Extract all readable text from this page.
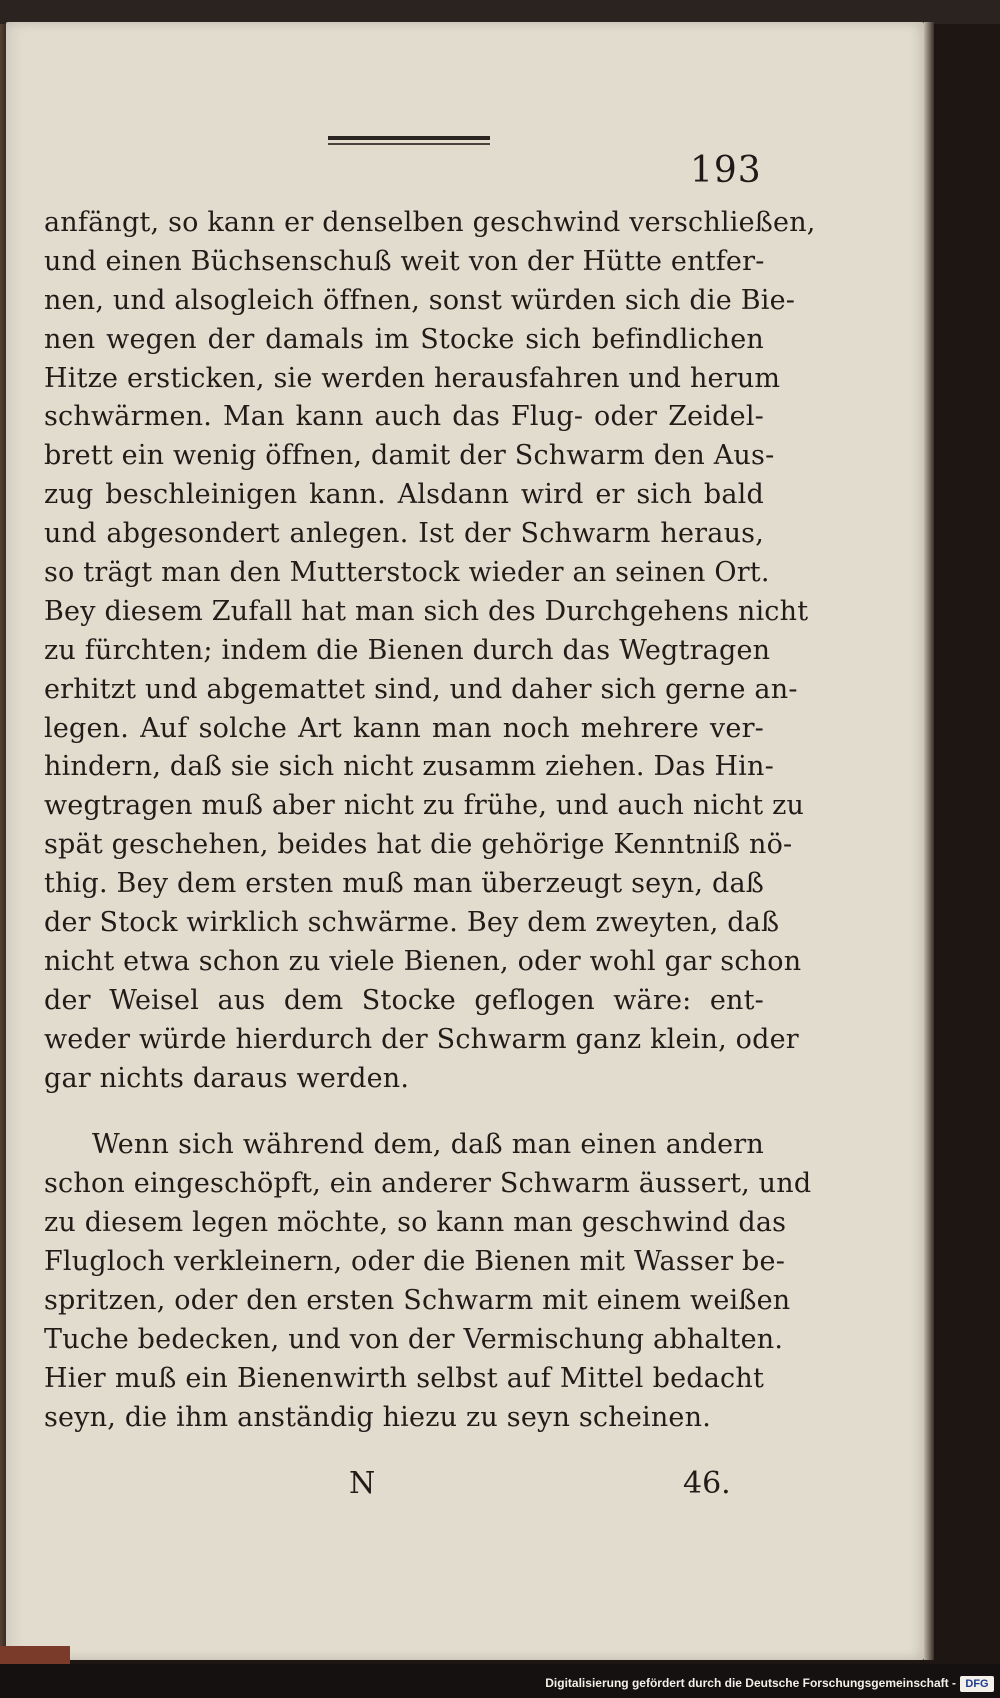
193
anfängt, so kann er denselben geschwind verschließen,
und einen Büchsenschuß weit von der Hütte entfer-
nen, und alsogleich öffnen, sonst würden sich die Bie-
nen wegen der damals im Stocke sich befindlichen
Hitze ersticken, sie werden herausfahren und herum
schwärmen. Man kann auch das Flug- oder Zeidel-
brett ein wenig öffnen, damit der Schwarm den Aus-
zug beschleinigen kann. Alsdann wird er sich bald
und abgesondert anlegen. Ist der Schwarm heraus,
so trägt man den Mutterstock wieder an seinen Ort.
Bey diesem Zufall hat man sich des Durchgehens nicht
zu fürchten; indem die Bienen durch das Wegtragen
erhitzt und abgemattet sind, und daher sich gerne an-
legen. Auf solche Art kann man noch mehrere ver-
hindern, daß sie sich nicht zusamm ziehen. Das Hin-
wegtragen muß aber nicht zu frühe, und auch nicht zu
spät geschehen, beides hat die gehörige Kenntniß nö-
thig. Bey dem ersten muß man überzeugt seyn, daß
der Stock wirklich schwärme. Bey dem zweyten, daß
nicht etwa schon zu viele Bienen, oder wohl gar schon
der Weisel aus dem Stocke geflogen wäre: ent-
weder würde hierdurch der Schwarm ganz klein, oder
gar nichts daraus werden.
Wenn sich während dem, daß man einen andern
schon eingeschöpft, ein anderer Schwarm äussert, und
zu diesem legen möchte, so kann man geschwind das
Flugloch verkleinern, oder die Bienen mit Wasser be-
spritzen, oder den ersten Schwarm mit einem weißen
Tuche bedecken, und von der Vermischung abhalten.
Hier muß ein Bienenwirth selbst auf Mittel bedacht
seyn, die ihm anständig hiezu zu seyn scheinen.
N	46.
Digitalisierung gefördert durch die Deutsche Forschungsgemeinschaft - DFG
